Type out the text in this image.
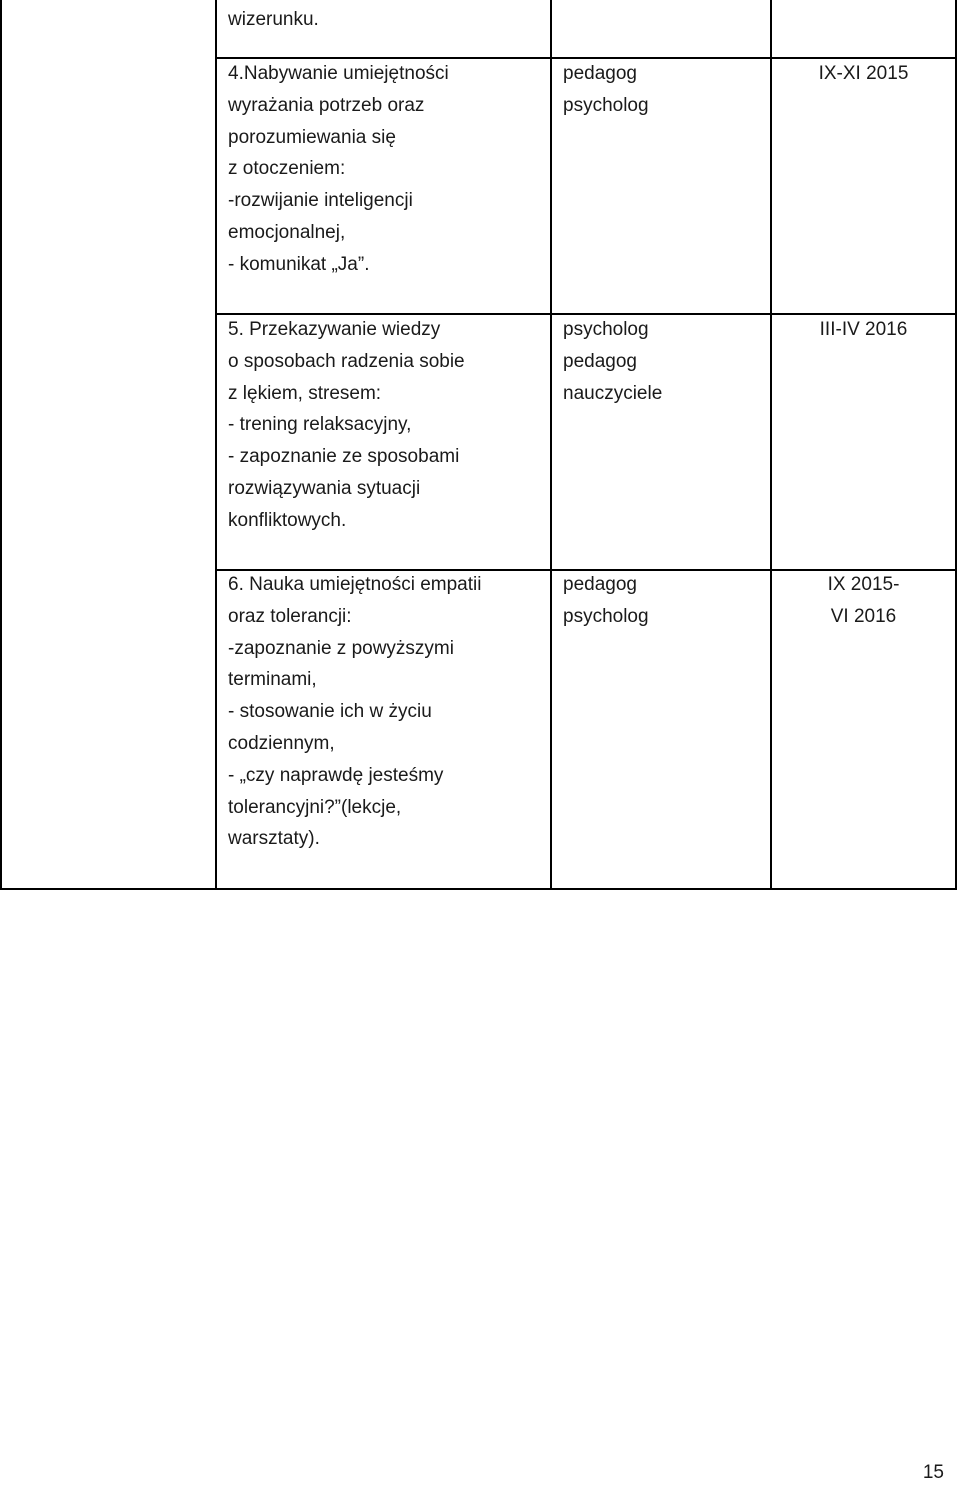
wizerunku.
4.Nabywanie umiejętności
wyrażania potrzeb oraz
porozumiewania się
z otoczeniem:
-rozwijanie inteligencji
emocjonalnej,
- komunikat „Ja”.
pedagog
psycholog
IX-XI 2015
5. Przekazywanie wiedzy
o sposobach radzenia sobie
z lękiem, stresem:
- trening relaksacyjny,
- zapoznanie ze sposobami
rozwiązywania sytuacji
konfliktowych.
psycholog
pedagog
nauczyciele
III-IV 2016
6. Nauka umiejętności empatii
oraz tolerancji:
-zapoznanie z powyższymi
terminami,
- stosowanie ich w życiu
codziennym,
- „czy naprawdę jesteśmy
tolerancyjni?”(lekcje,
warsztaty).
pedagog
psycholog
IX 2015-
VI 2016
15
